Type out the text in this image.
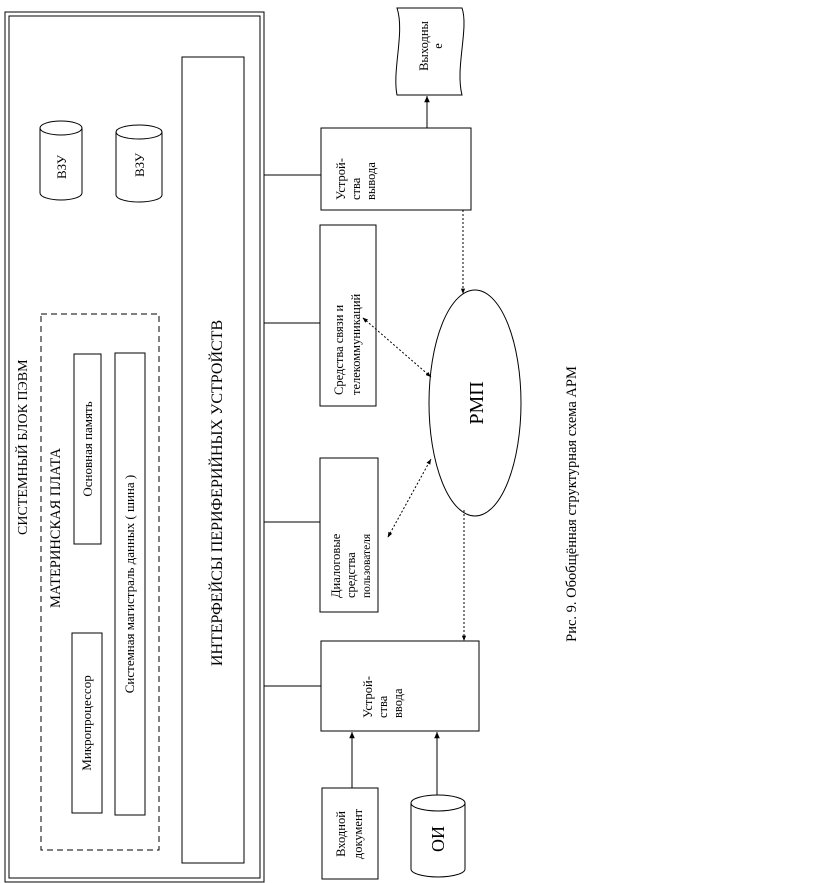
СИСТЕМНЫЙ БЛОК ПЭВМ МАТЕРИНСКАЯ ПЛАТА Основная память
Микропроцессор
Системная магистраль данных ( шина )
ВЗУ	ВЗУ
ИНТЕРФЕЙСЫ ПЕРИФЕРИЙНЫХ УСТРОЙСТВ
Устрой- ства вывода
Средства связи и телекоммуникаций
Диалоговые средства пользователя
Устрой- ства ввода
РМП
Выходны е
Входной документ	ОИ
Рис. 9. Обобщённая структурная схема АРМ
